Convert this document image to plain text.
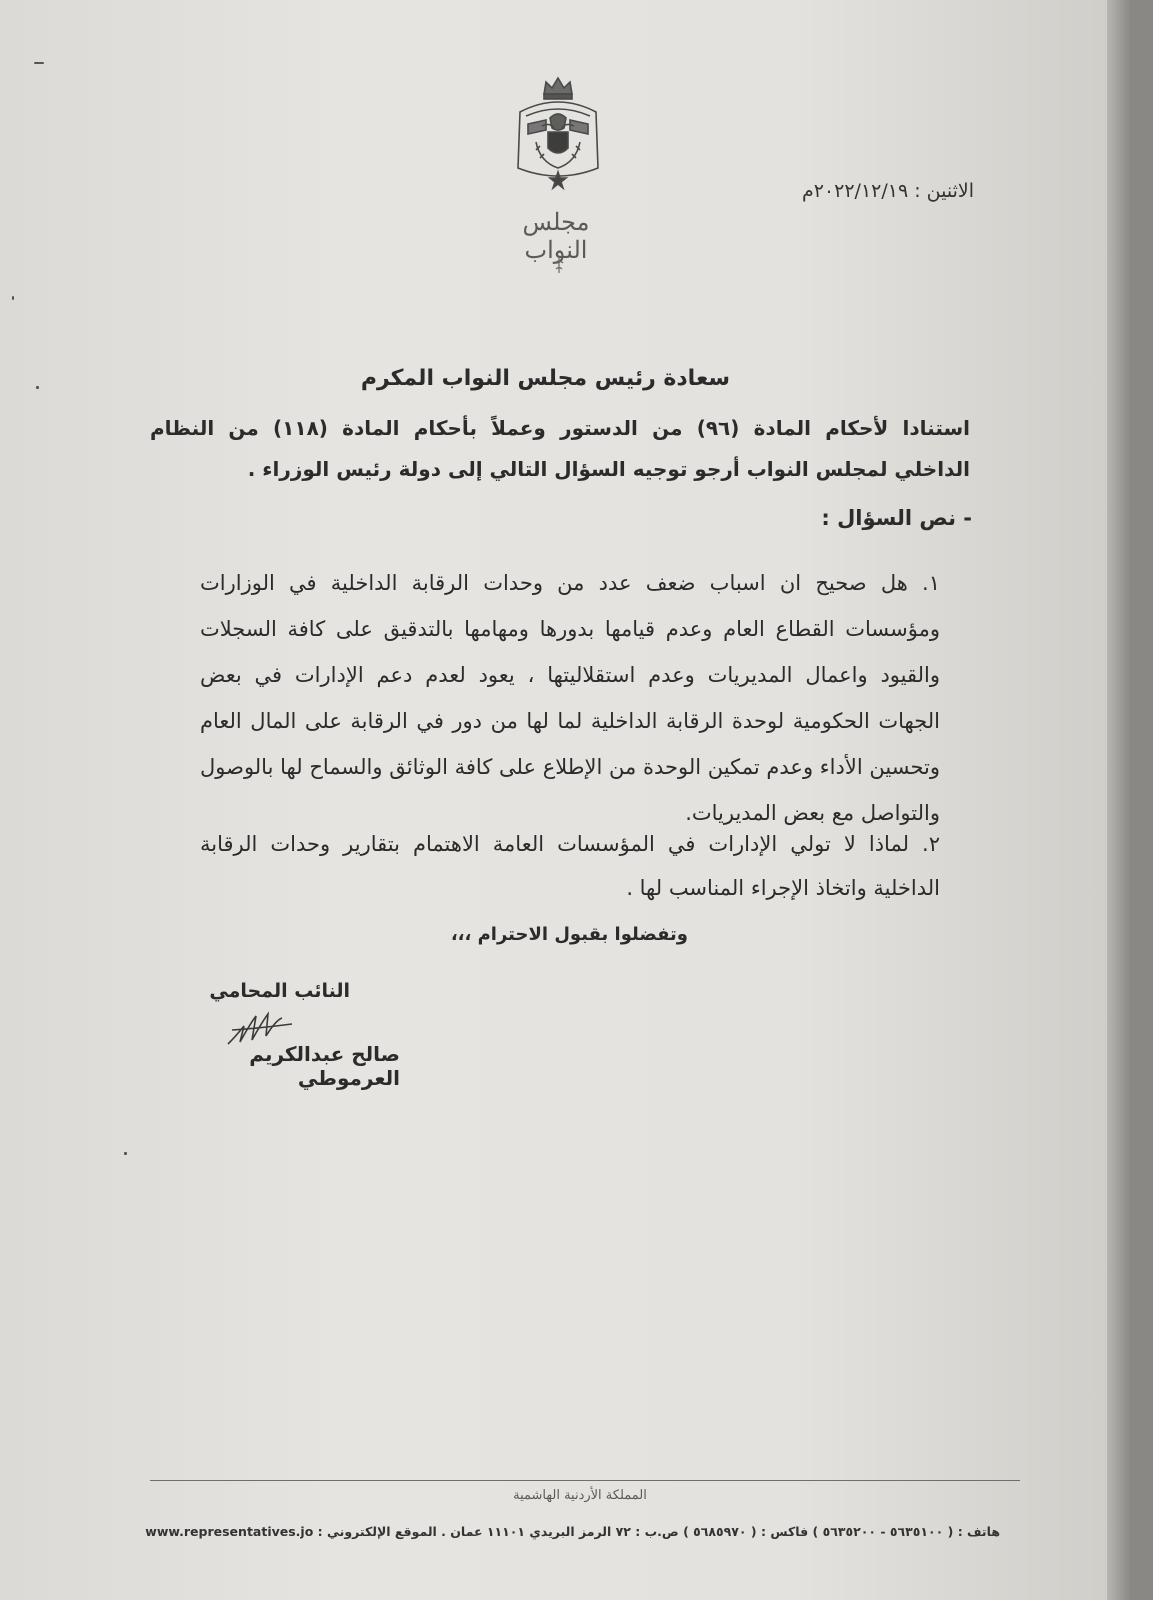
مجلس النواب
الاثنين : ٢٠٢٢/١٢/١٩م
سعادة رئيس مجلس النواب المكرم
استنادا لأحكام المادة (٩٦) من الدستور وعملاً بأحكام المادة (١١٨) من النظام الداخلي لمجلس النواب أرجو توجيه السؤال التالي إلى دولة رئيس الوزراء .
- نص السؤال :
١. هل صحيح ان اسباب ضعف عدد من وحدات الرقابة الداخلية في الوزارات ومؤسسات القطاع العام وعدم قيامها بدورها ومهامها بالتدقيق على كافة السجلات والقيود واعمال المديريات وعدم استقلاليتها ، يعود لعدم دعم الإدارات في بعض الجهات الحكومية لوحدة الرقابة الداخلية لما لها من دور في الرقابة على المال العام وتحسين الأداء وعدم تمكين الوحدة من الإطلاع على كافة الوثائق والسماح لها بالوصول والتواصل مع بعض المديريات.
٢. لماذا لا تولي الإدارات في المؤسسات العامة الاهتمام بتقارير وحدات الرقابة الداخلية واتخاذ الإجراء المناسب لها .
وتفضلوا بقبول الاحترام ،،،
النائب المحامي
صالح عبدالكريم العرموطي
المملكة الأردنية الهاشمية
هاتف : ( ٥٦٣٥١٠٠ - ٥٦٣٥٢٠٠ ) فاكس : ( ٥٦٨٥٩٧٠ ) ص.ب : ٧٢ الرمز البريدي ١١١٠١ عمان . الموقع الإلكتروني : www.representatives.jo
